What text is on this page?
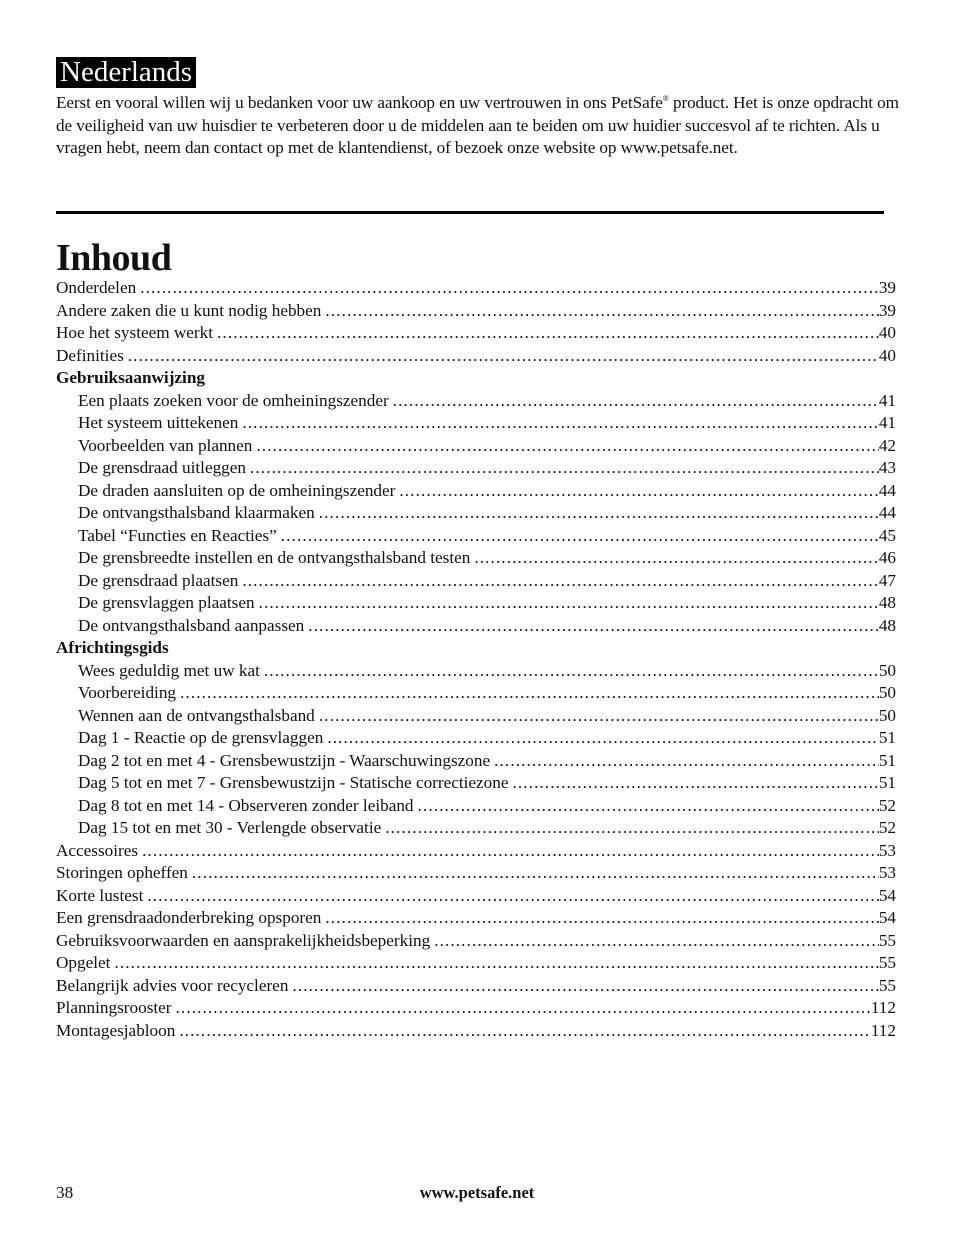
Nederlands
Eerst en vooral willen wij u bedanken voor uw aankoop en uw vertrouwen in ons PetSafe® product. Het is onze opdracht om de veiligheid van uw huisdier te verbeteren door u de middelen aan te beiden om uw huidier succesvol af te richten. Als u vragen hebt, neem dan contact op met de klantendienst, of bezoek onze website op www.petsafe.net.
Inhoud
Onderdelen .....	39
Andere zaken die u kunt nodig hebben .....	39
Hoe het systeem werkt .....	40
Definities .....	40
Gebruiksaanwijzing
Een plaats zoeken voor de omheiningszender .....	41
Het systeem uittekenen .....	41
Voorbeelden van plannen .....	42
De grensdraad uitleggen .....	43
De draden aansluiten op de omheiningszender .....	44
De ontvangsthalsband klaarmaken .....	44
Tabel “Functies en Reacties” .....	45
De grensbreedte instellen en de ontvangsthalsband testen .....	46
De grensdraad plaatsen .....	47
De grensvlaggen plaatsen .....	48
De ontvangsthalsband aanpassen .....	48
Africhtingsgids
Wees geduldig met uw kat .....	50
Voorbereiding .....	50
Wennen aan de ontvangsthalsband .....	50
Dag 1 - Reactie op de grensvlaggen .....	51
Dag 2 tot en met 4 - Grensbewustzijn - Waarschuwingszone .....	51
Dag 5 tot en met 7 - Grensbewustzijn - Statische correctiezone .....	51
Dag 8 tot en met 14 - Observeren zonder leiband .....	52
Dag 15 tot en met 30 - Verlengde observatie .....	52
Accessoires .....	53
Storingen opheffen .....	53
Korte lustest .....	54
Een grensdraadonderbreking opsporen .....	54
Gebruiksvoorwaarden en aansprakelijkheidsbeperking .....	55
Opgelet .....	55
Belangrijk advies voor recycleren .....	55
Planningsrooster .....	112
Montagesjabloon .....	112
38	www.petsafe.net
